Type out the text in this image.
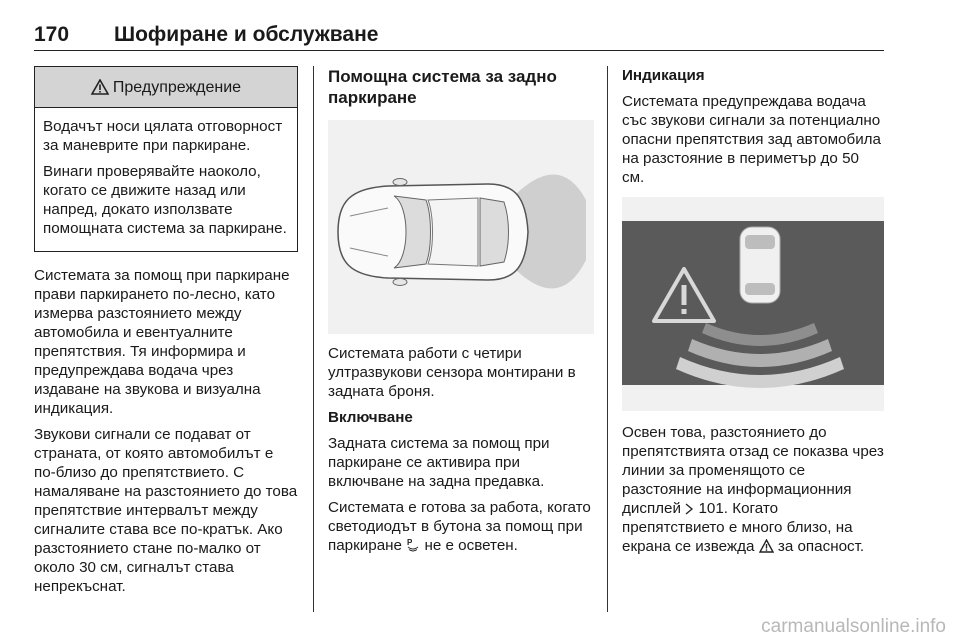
170 Шофиране и обслужване
Предупреждение

Водачът носи цялата отговорност за маневрите при паркиране.

Винаги проверявайте наоколо, когато се движите назад или напред, докато използвате помощната система за паркиране.

Системата за помощ при паркиране прави паркирането по-лесно, като измерва разстоянието между автомобила и евентуалните препятствия. Тя информира и предупреждава водача чрез издаване на звукова и визуална индикация.

Звукови сигнали се подават от страната, от която автомобилът е по-близо до препятствието. С намаляване на разстоянието до това препятствие интервалът между сигналите става все по-кратък. Ако разстоянието стане по-малко от около 30 см, сигналът става непрекъснат.

Помощна система за задно паркиране

Системата работи с четири ултразвукови сензора монтирани в задната броня.

Включване

Задната система за помощ при паркиране се активира при включване на задна предавка.

Системата е готова за работа, когато светодиодът в бутона за помощ при паркиране P не е осветен.

Индикация

Системата предупреждава водача със звукови сигнали за потенциално опасни препятствия зад автомобила на разстояние в периметър до 50 см.

Освен това, разстоянието до препятствията отзад се показва чрез линии за променящото се разстояние на информационния дисплей 101. Когато препятствието е много близо, на екрана се извежда за опасност.

carmanualsonline.info
